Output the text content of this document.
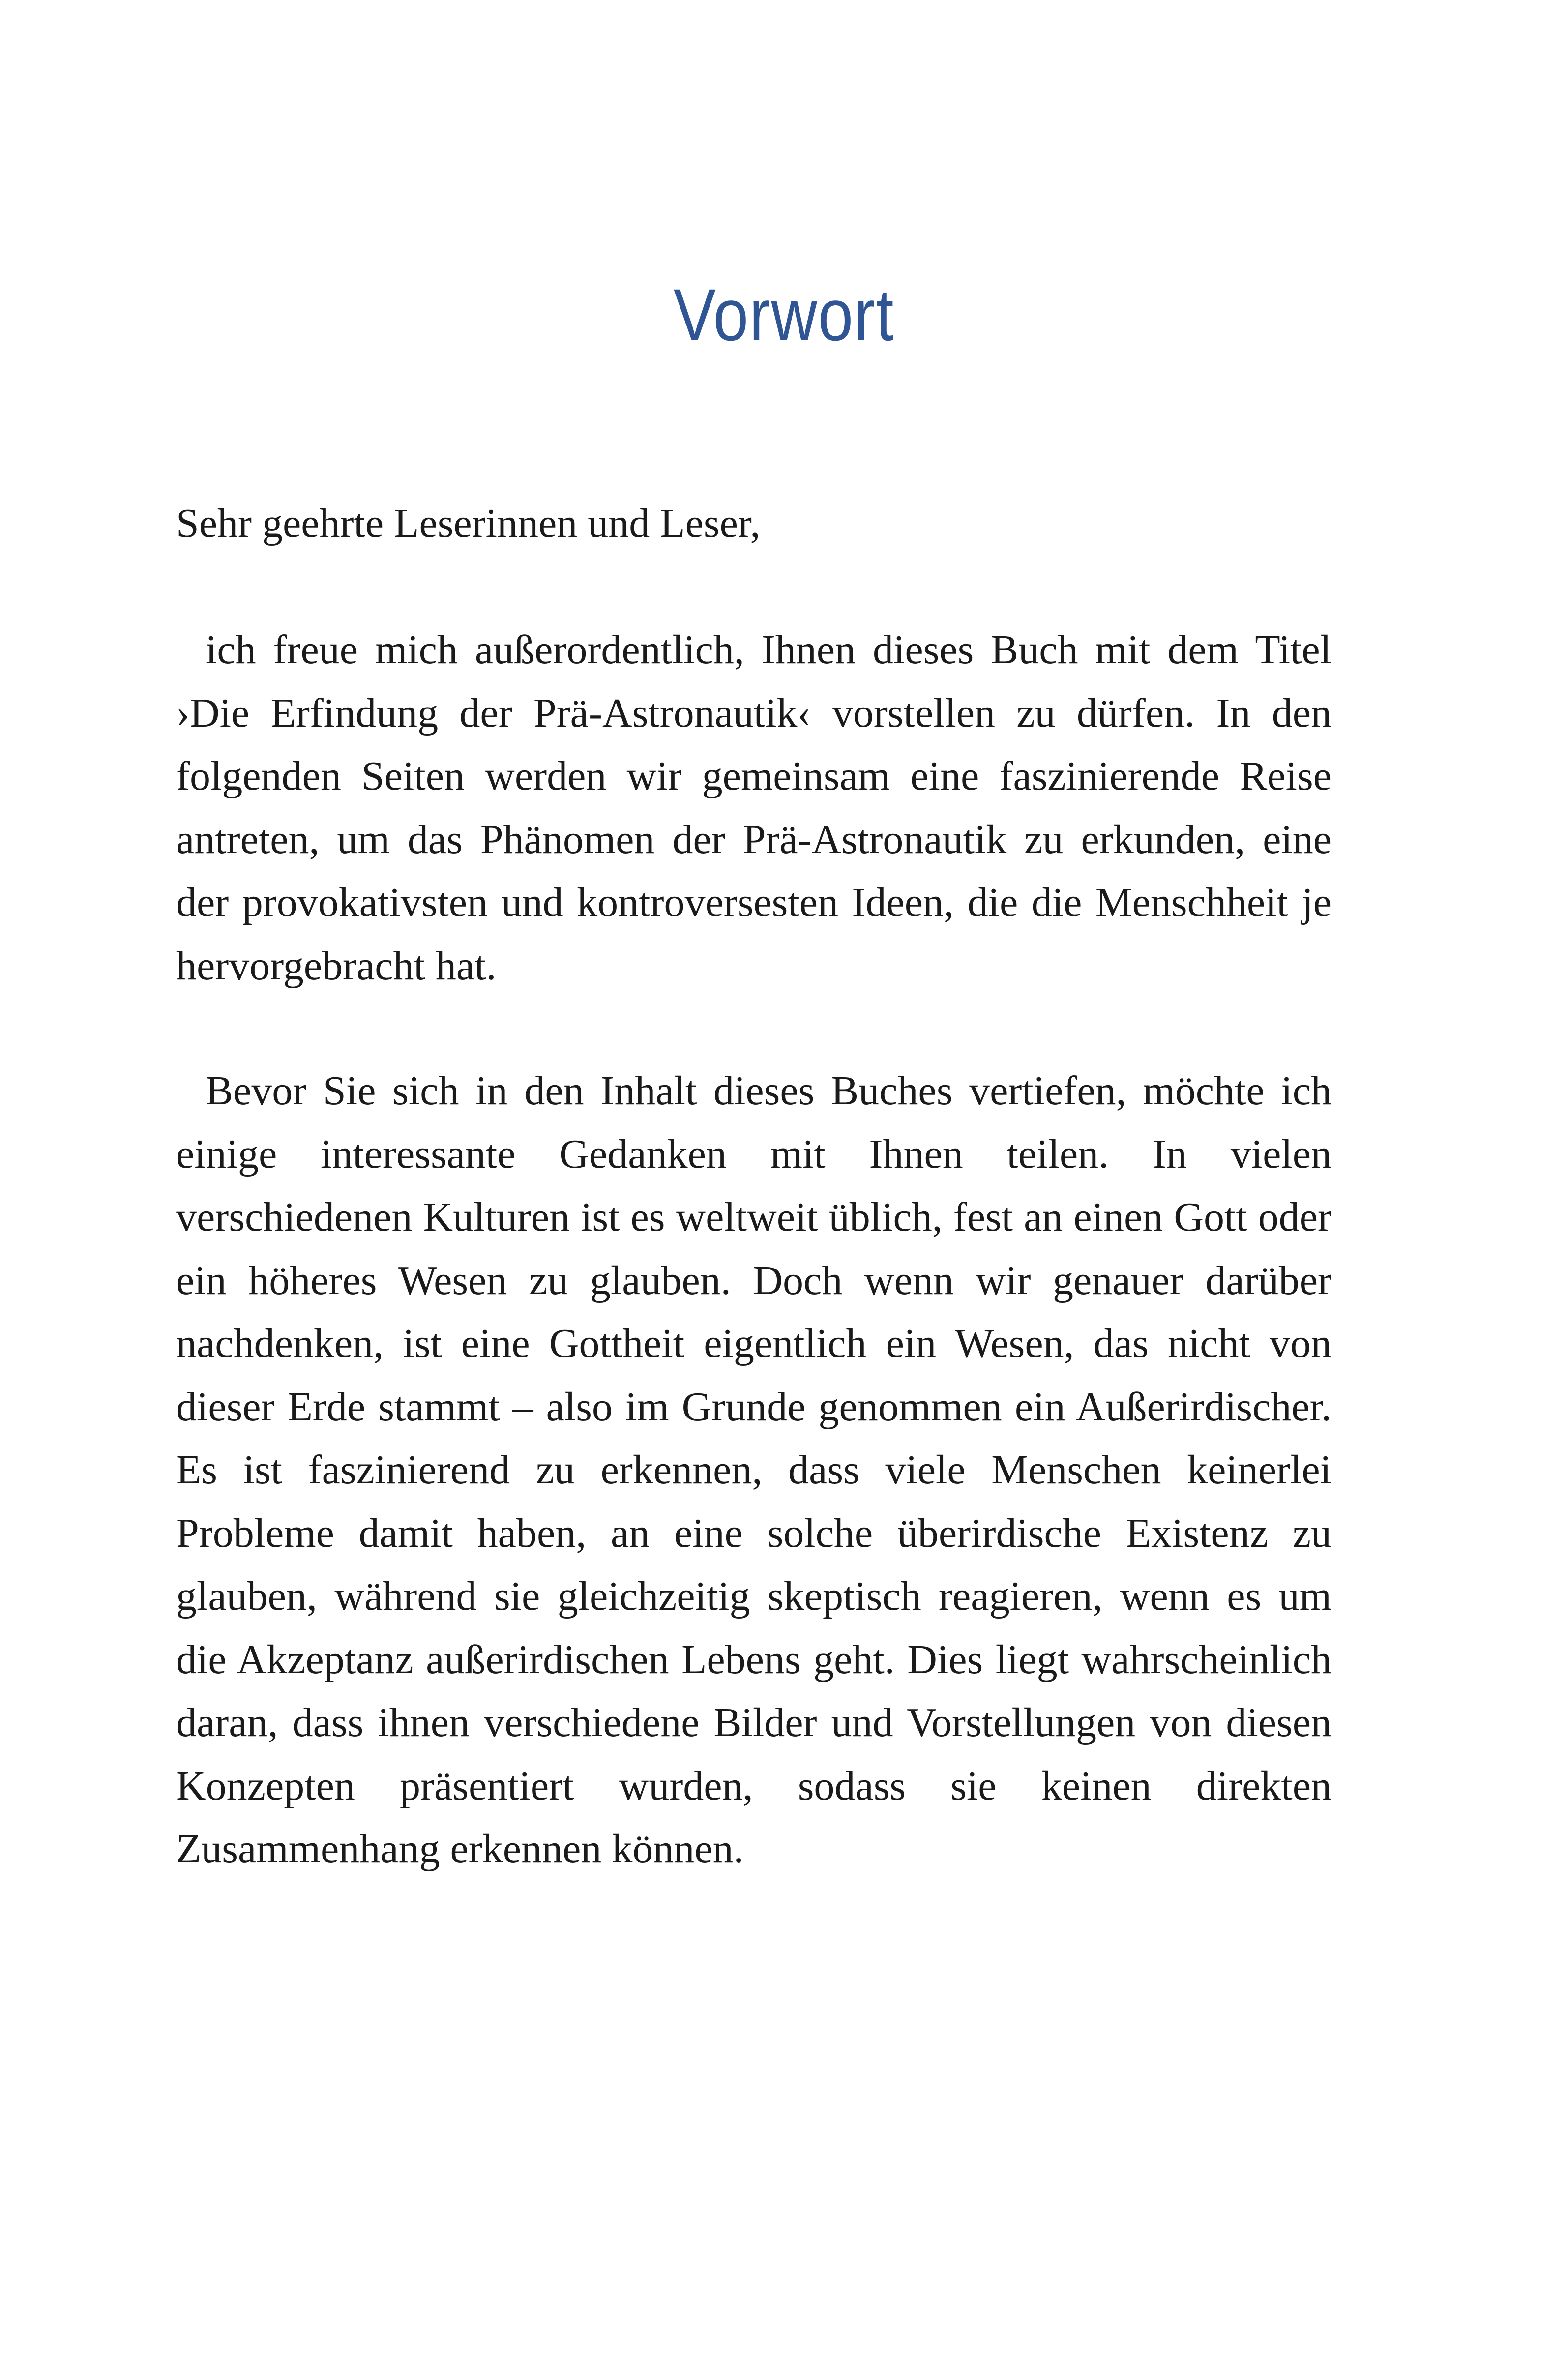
Vorwort

Sehr geehrte Leserinnen und Leser,

ich freue mich außerordentlich, Ihnen dieses Buch mit dem Titel ›Die Erfindung der Prä-Astronautik‹ vorstellen zu dürfen. In den folgenden Seiten werden wir gemeinsam eine faszinierende Reise antreten, um das Phänomen der Prä-Astronautik zu erkunden, eine der provokativsten und kontroversesten Ideen, die die Menschheit je hervorgebracht hat.

Bevor Sie sich in den Inhalt dieses Buches vertiefen, möchte ich einige interessante Gedanken mit Ihnen teilen. In vielen verschiedenen Kulturen ist es weltweit üblich, fest an einen Gott oder ein höheres Wesen zu glauben. Doch wenn wir genauer darüber nachdenken, ist eine Gottheit eigentlich ein Wesen, das nicht von dieser Erde stammt – also im Grunde genommen ein Außerirdischer. Es ist faszinierend zu erkennen, dass viele Menschen keinerlei Probleme damit haben, an eine solche überirdische Existenz zu glauben, während sie gleichzeitig skeptisch reagieren, wenn es um die Akzeptanz außerirdischen Lebens geht. Dies liegt wahrscheinlich daran, dass ihnen verschiedene Bilder und Vorstellungen von diesen Konzepten präsentiert wurden, sodass sie keinen direkten Zusammenhang erkennen können.
